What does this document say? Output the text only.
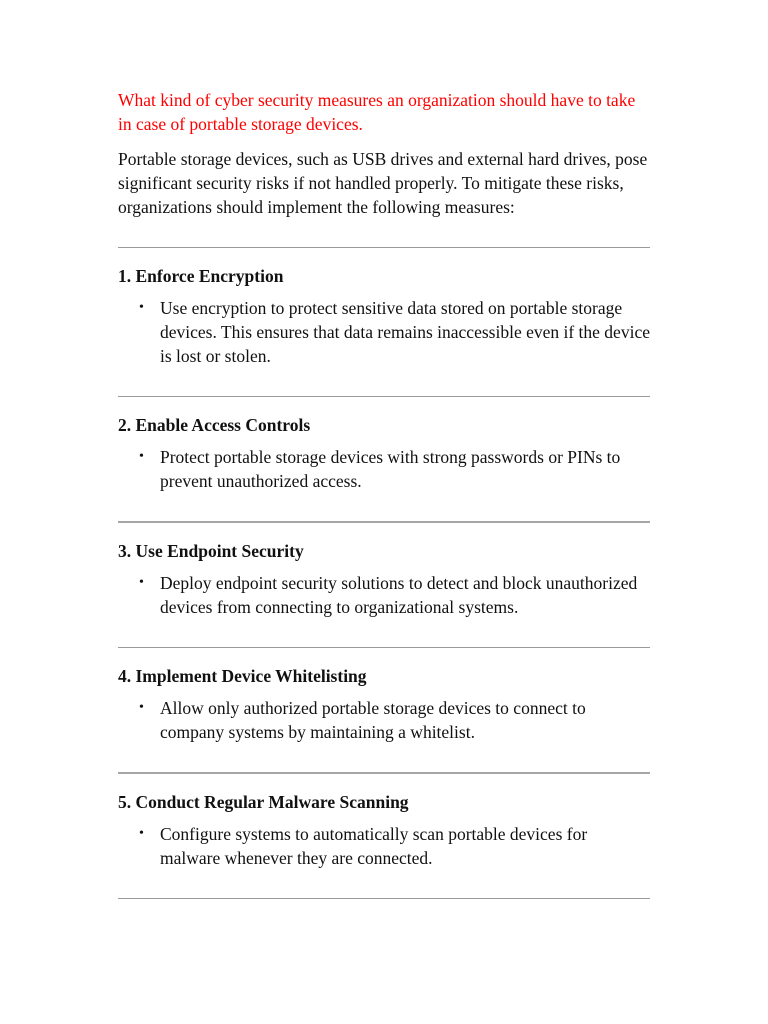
What kind of cyber security measures an organization should have to take in case of portable storage devices.

Portable storage devices, such as USB drives and external hard drives, pose significant security risks if not handled properly. To mitigate these risks, organizations should implement the following measures:

1. Enforce Encryption
• Use encryption to protect sensitive data stored on portable storage devices. This ensures that data remains inaccessible even if the device is lost or stolen.
2. Enable Access Controls
• Protect portable storage devices with strong passwords or PINs to prevent unauthorized access.
3. Use Endpoint Security
• Deploy endpoint security solutions to detect and block unauthorized devices from connecting to organizational systems.
4. Implement Device Whitelisting
• Allow only authorized portable storage devices to connect to company systems by maintaining a whitelist.
5. Conduct Regular Malware Scanning
• Configure systems to automatically scan portable devices for malware whenever they are connected.
